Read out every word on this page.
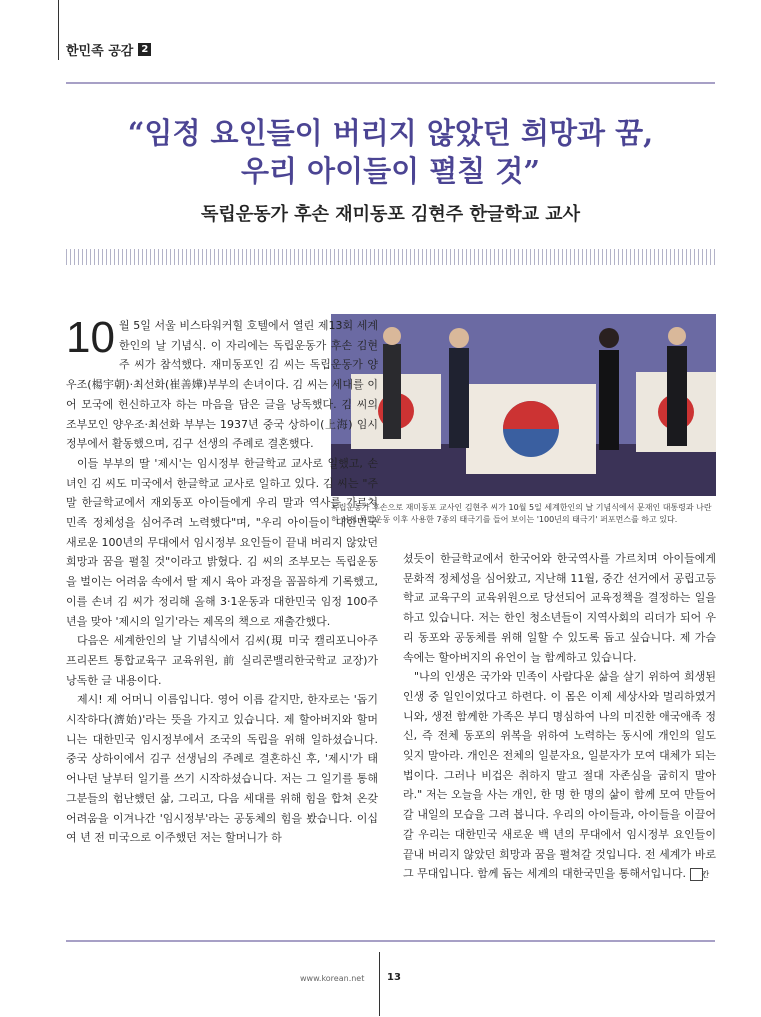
한민족 공감 2
“임정 요인들이 버리지 않았던 희망과 꿈,
우리 아이들이 펼칠 것”
독립운동가 후손 재미동포 김현주 한글학교 교사
독립운동가 후손으로 재미동포 교사인 김현주 씨가 10월 5일 세계한인의 날 기념식에서 문재인 대통령과 나란히 서서 독립운동 이후 사용한 7종의 태극기를 들어 보이는 '100년의 태극기' 퍼포먼스를 하고 있다.

10 월 5일 서울 비스타워커힐 호텔에서 열린 제13회 세계한인의 날 기념식. 이 자리에는 독립운동가 후손 김현주 씨가 참석했다. 재미동포인 김 씨는 독립운동가 양우조(楊宇朝)·최선화(崔善嬅)부부의 손녀이다. 김 씨는 세대를 이어 모국에 헌신하고자 하는 마음을 담은 글을 낭독했다. 김 씨의 조부모인 양우조·최선화 부부는 1937년 중국 상하이(上海) 임시정부에서 활동했으며, 김구 선생의 주례로 결혼했다.

이들 부부의 딸 '제시'는 임시정부 한글학교 교사로 일했고, 손녀인 김 씨도 미국에서 한글학교 교사로 일하고 있다. 김 씨는 "주말 한글학교에서 재외동포 아이들에게 우리 말과 역사를 가르쳐 민족 정체성을 심어주려 노력했다"며, "우리 아이들이 대한민국 새로운 100년의 무대에서 임시정부 요인들이 끝내 버리지 않았던 희망과 꿈을 펼칠 것"이라고 밝혔다. 김 씨의 조부모는 독립운동을 벌이는 어려움 속에서 딸 제시 육아 과정을 꼼꼼하게 기록했고, 이를 손녀 김 씨가 정리해 올해 3·1운동과 대한민국 임정 100주년을 맞아 '제시의 일기'라는 제목의 책으로 재출간했다.

다음은 세계한인의 날 기념식에서 김씨(現 미국 캘리포니아주 프리몬트 통합교육구 교육위원, 前 실리콘밸리한국학교 교장)가 낭독한 글 내용이다.

제시! 제 어머니 이름입니다. 영어 이름 같지만, 한자로는 '돕기 시작하다(濟始)'라는 뜻을 가지고 있습니다. 제 할아버지와 할머니는 대한민국 임시정부에서 조국의 독립을 위해 일하셨습니다. 중국 상하이에서 김구 선생님의 주례로 결혼하신 후, '제시'가 태어나던 날부터 일기를 쓰기 시작하셨습니다. 저는 그 일기를 통해 그분들의 험난했던 삶, 그리고, 다음 세대를 위해 힘을 합쳐 온갖 어려움을 이겨나간 '임시정부'라는 공동체의 힘을 봤습니다. 이십여 년 전 미국으로 이주했던 저는 할머니가 하

셨듯이 한글학교에서 한국어와 한국역사를 가르치며 아이들에게 문화적 정체성을 심어왔고, 지난해 11월, 중간 선거에서 공립고등학교 교육구의 교육위원으로 당선되어 교육정책을 결정하는 일을 하고 있습니다. 저는 한인 청소년들이 지역사회의 리더가 되어 우리 동포와 공동체를 위해 일할 수 있도록 돕고 싶습니다. 제 가슴 속에는 할아버지의 유언이 늘 함께하고 있습니다.

"나의 인생은 국가와 민족이 사람다운 삶을 살기 위하여 희생된 인생 중 일인이었다고 하련다. 이 몸은 이제 세상사와 멀리하였거니와, 생전 함께한 가족은 부디 명심하여 나의 미진한 애국애족 정신, 즉 전체 동포의 위복을 위하여 노력하는 동시에 개인의 일도 잊지 말아라. 개인은 전체의 일분자요, 일분자가 모여 대체가 되는 법이다. 그러나 비겁은 취하지 말고 절대 자존심을 굽히지 말아라." 저는 오늘을 사는 개인, 한 명 한 명의 삶이 함께 모여 만들어 갈 내일의 모습을 그려 봅니다. 우리의 아이들과, 아이들을 이끌어갈 우리는 대한민국 새로운 백 년의 무대에서 임시정부 요인들이 끝내 버리지 않았던 희망과 꿈을 펼쳐갈 것입니다. 전 세계가 바로 그 무대입니다. 함께 돕는 세계의 대한국민을 통해서입니다. 칸

www.korean.net 13
